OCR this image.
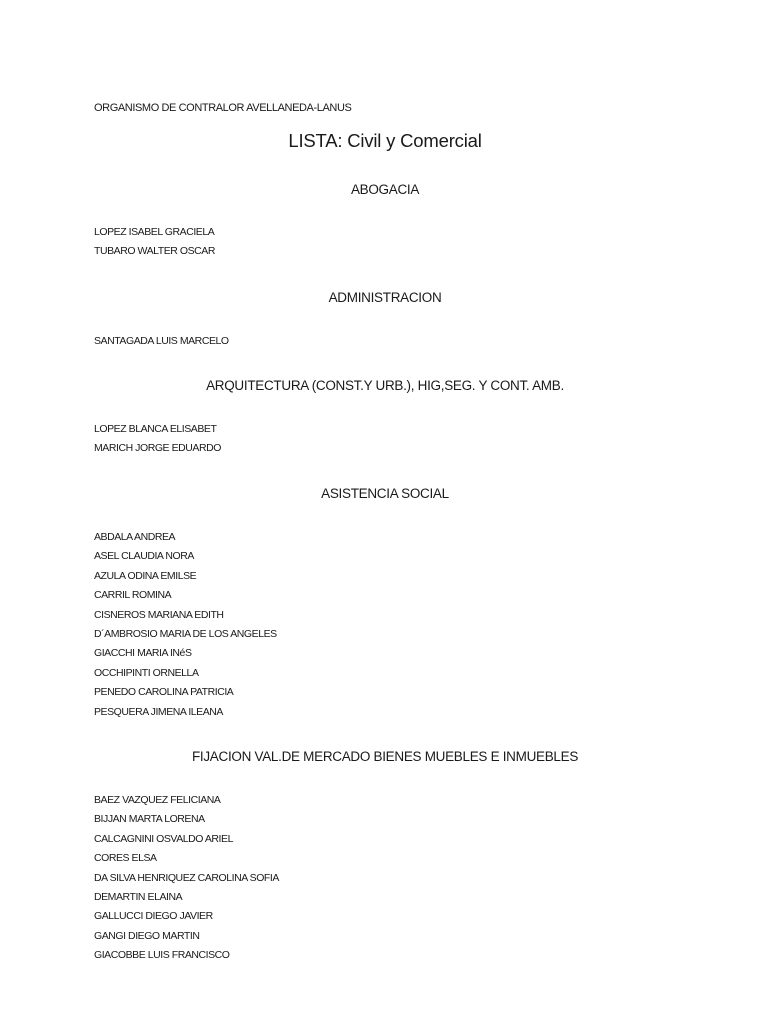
ORGANISMO DE CONTRALOR AVELLANEDA-LANUS
LISTA: Civil y Comercial
ABOGACIA
LOPEZ ISABEL GRACIELA
TUBARO WALTER OSCAR
ADMINISTRACION
SANTAGADA LUIS MARCELO
ARQUITECTURA (CONST.Y URB.), HIG,SEG. Y CONT. AMB.
LOPEZ BLANCA ELISABET
MARICH JORGE EDUARDO
ASISTENCIA SOCIAL
ABDALA ANDREA
ASEL CLAUDIA NORA
AZULA ODINA EMILSE
CARRIL ROMINA
CISNEROS MARIANA EDITH
D´AMBROSIO MARIA DE LOS ANGELES
GIACCHI MARIA INéS
OCCHIPINTI ORNELLA
PENEDO CAROLINA PATRICIA
PESQUERA JIMENA ILEANA
FIJACION VAL.DE MERCADO BIENES MUEBLES E INMUEBLES
BAEZ VAZQUEZ FELICIANA
BIJJAN MARTA LORENA
CALCAGNINI OSVALDO ARIEL
CORES ELSA
DA SILVA HENRIQUEZ CAROLINA SOFIA
DEMARTIN ELAINA
GALLUCCI DIEGO JAVIER
GANGI DIEGO MARTIN
GIACOBBE LUIS FRANCISCO
